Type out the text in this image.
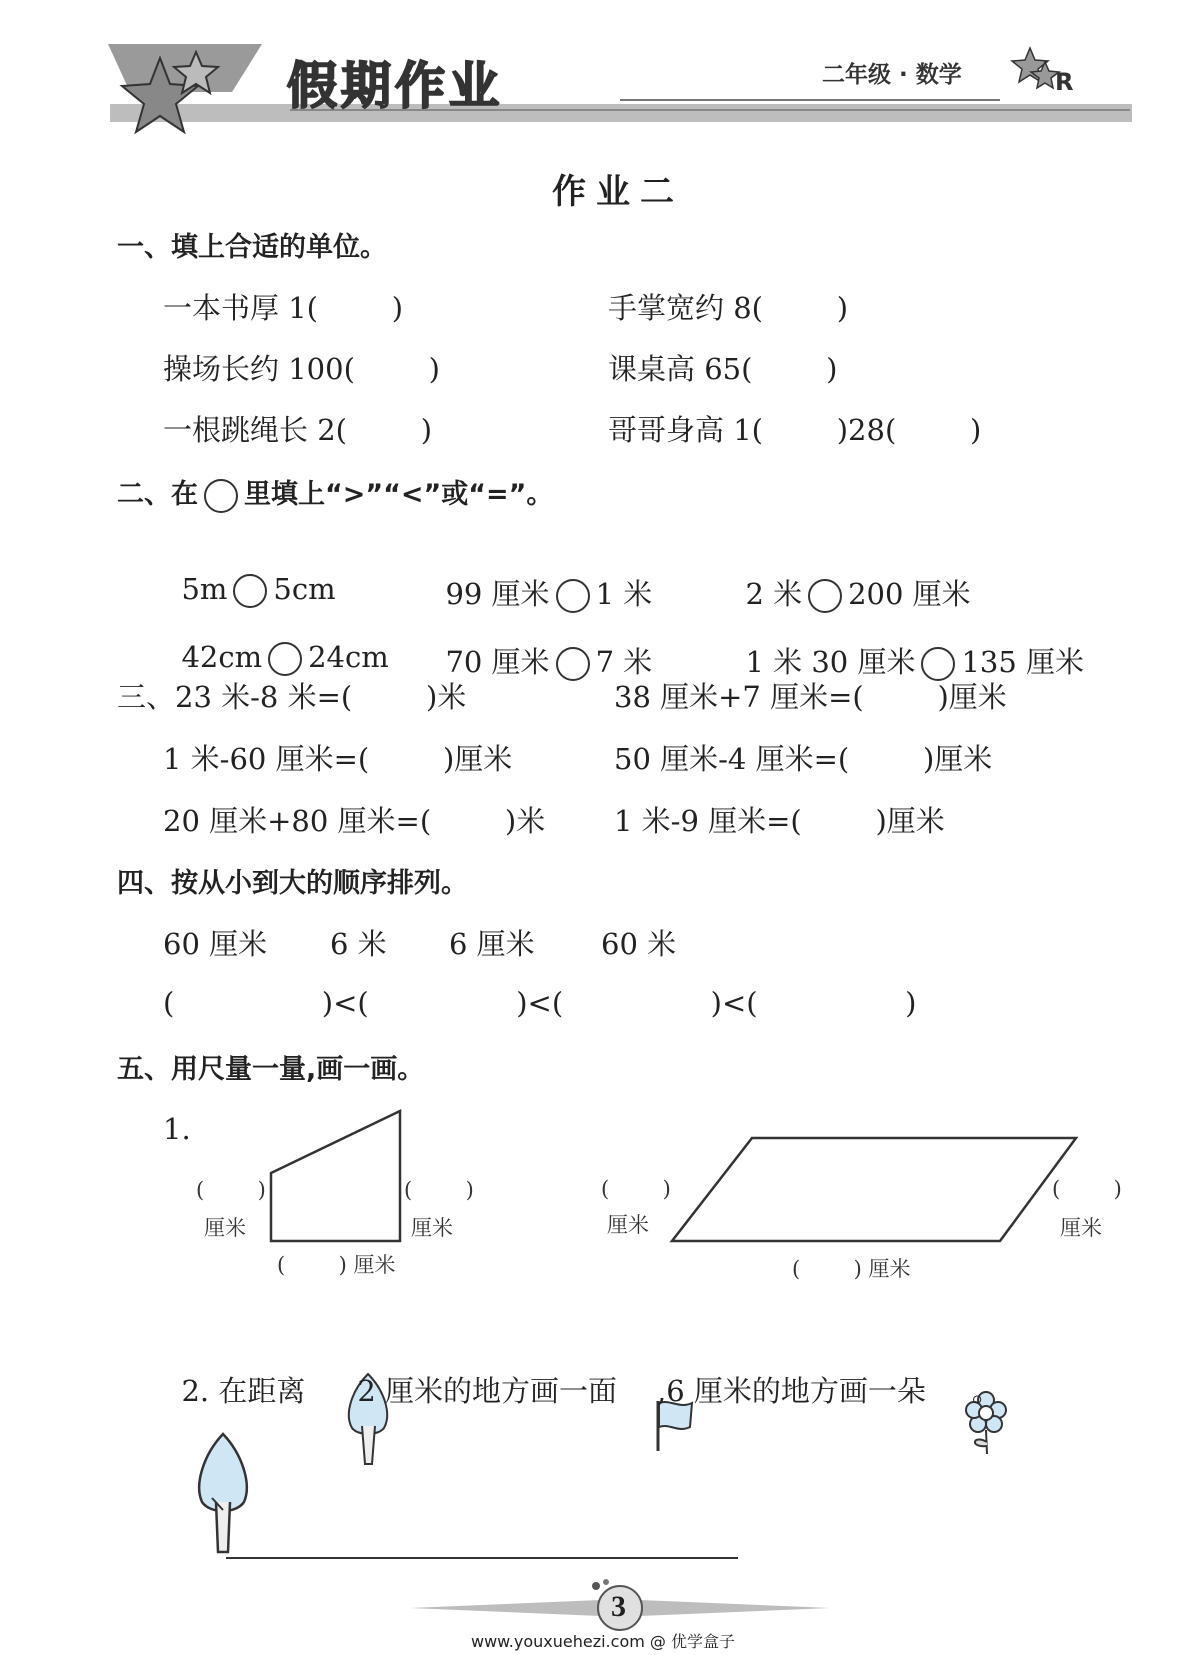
假期作业	二年级 · 数学	R
作业二
一、填上合适的单位。
一本书厚 1(        )	手掌宽约 8(        )
操场长约 100(        )	课桌高 65(        )
一根跳绳长 2(        )	哥哥身高 1(        )28(        )
二、在 里填上“>”“<”或“=”。

5m 5cm	99 厘米 1 米	2 米 200 厘米

42cm 24cm	70 厘米 7 米	1 米 30 厘米 135 厘米

三、23 米-8 米=(        )米	38 厘米+7 厘米=(        )厘米
1 米-60 厘米=(        )厘米	50 厘米-4 厘米=(        )厘米
20 厘米+80 厘米=(        )米 1 米-9 厘米=(        )厘米
四、按从小到大的顺序排列。
60 厘米 6 米 6 厘米 60 米
(                )<(                )<(                )<(                )
五、用尺量一量,画一画。
1.
(        )
厘米
(        )
厘米
(        ) 厘米
(        )
厘米
(        )
厘米
(        ) 厘米

2. 在距离
2 厘米的地方画一面
,6 厘米的地方画一朵
。

3
www.youxuehezi.com @ 优学盒子
